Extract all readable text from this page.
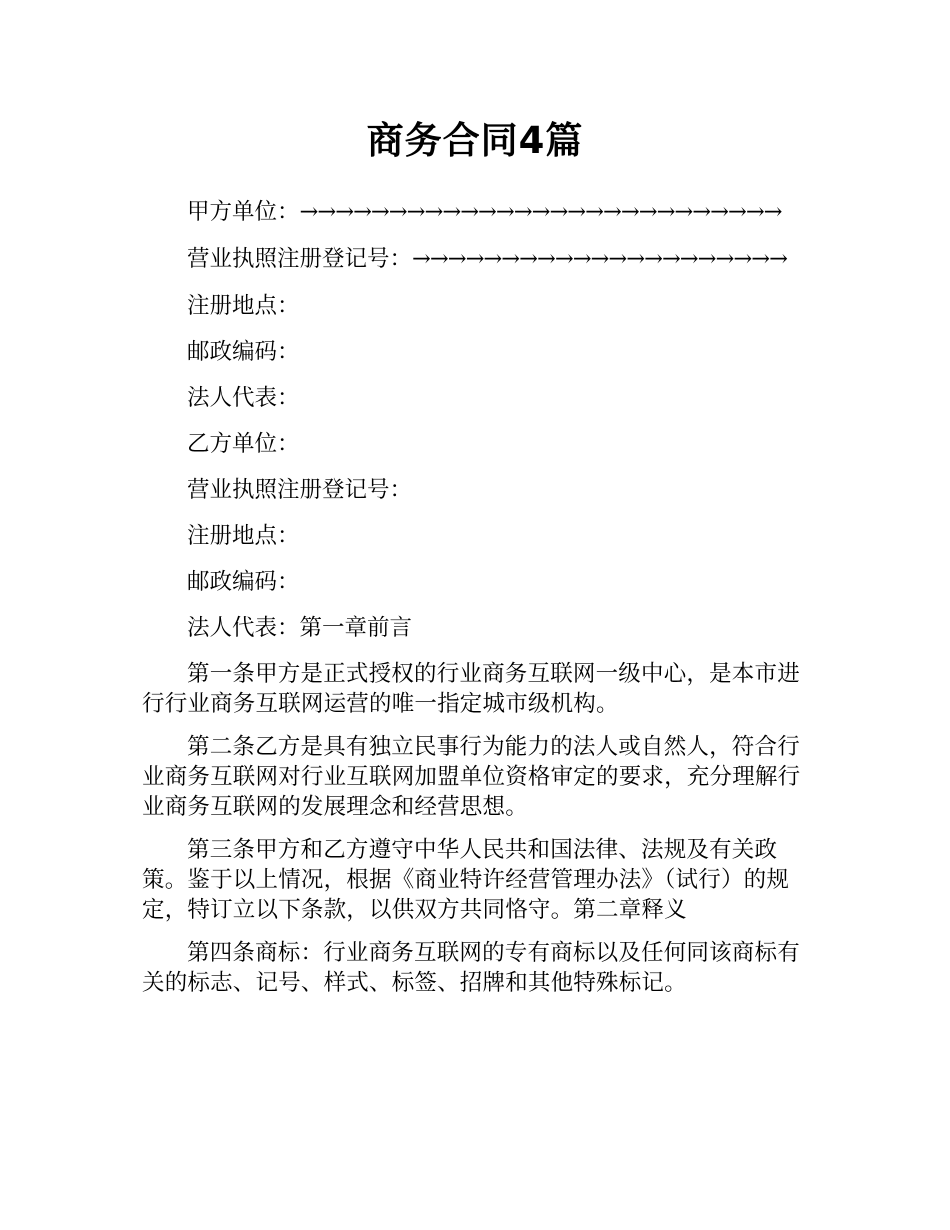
商务合同4篇

甲方单位：→→→→→→→→→→→→→→→→→→→→→→→→→→→

营业执照注册登记号：→→→→→→→→→→→→→→→→→→→→→

注册地点：

邮政编码：

法人代表：

乙方单位：

营业执照注册登记号：

注册地点：

邮政编码：

法人代表：第一章前言

第一条甲方是正式授权的行业商务互联网一级中心，是本市进行行业商务互联网运营的唯一指定城市级机构。

第二条乙方是具有独立民事行为能力的法人或自然人，符合行业商务互联网对行业互联网加盟单位资格审定的要求，充分理解行业商务互联网的发展理念和经营思想。

第三条甲方和乙方遵守中华人民共和国法律、法规及有关政策。鉴于以上情况，根据《商业特许经营管理办法》（试行）的规定，特订立以下条款，以供双方共同恪守。第二章释义

第四条商标：行业商务互联网的专有商标以及任何同该商标有关的标志、记号、样式、标签、招牌和其他特殊标记。
